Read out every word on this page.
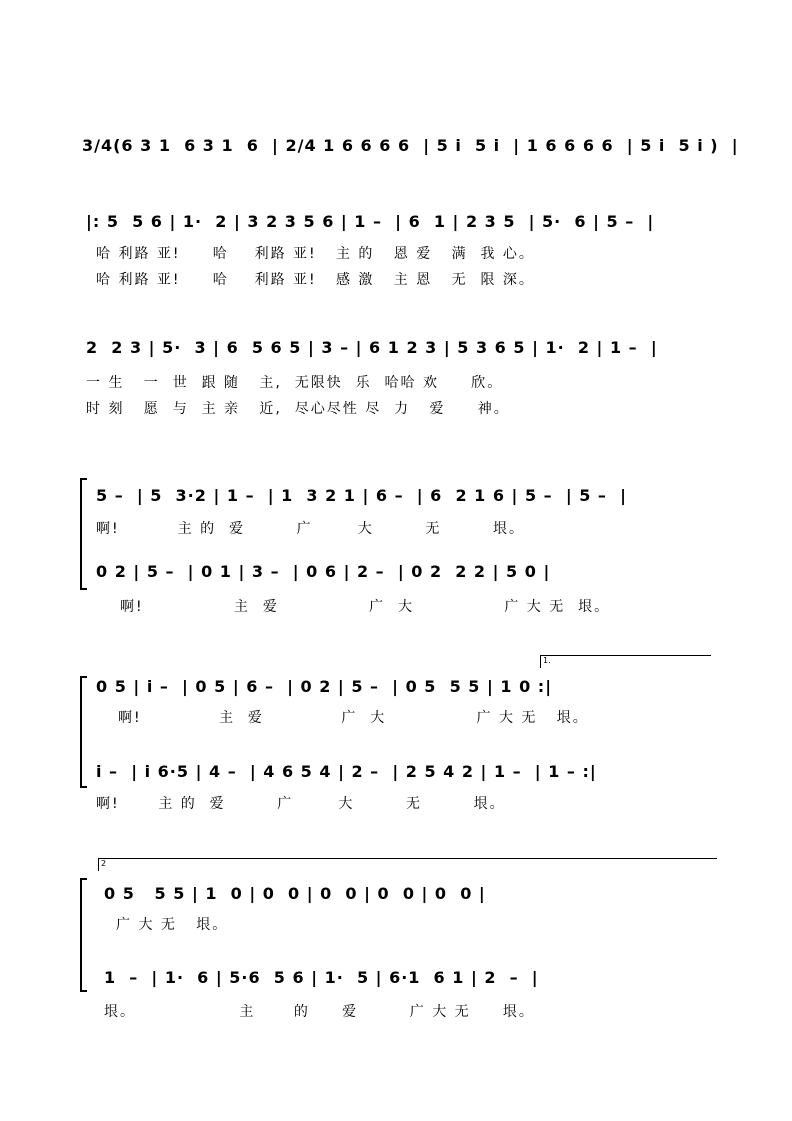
3/4(6 3 1  6 3 1  6  | 2/4 1 6 6 6 6  | 5 i  5 i  | 1 6 6 6 6  | 5 i  5 i )  |
|: 5  5 6 | 1·  2 | 3 2 3 5 6 | 1 –  | 6  1 | 2 3 5  | 5·  6 | 5 –  |
哈 利路 亚!     哈    利路 亚!   主 的   恩 爱   满  我 心。
哈 利路 亚!     哈    利路 亚!   感 激   主 恩   无  限 深。
2  2 3 | 5·  3 | 6  5 6 5 | 3 – | 6 1 2 3 | 5 3 6 5 | 1·  2 | 1 –  |
一 生   一  世  跟 随   主,  无限快  乐  哈哈 欢     欣。
时 刻   愿  与  主 亲   近,  尽心尽性 尽  力   爱     神。
5 –  | 5  3·2 | 1 –  | 1  3 2 1 | 6 –  | 6  2 1 6 | 5 –  | 5 –  |
啊!         主 的  爱        广       大        无        垠。
0 2 | 5 –  | 0 1 | 3 –  | 0 6 | 2 –  | 0 2  2 2 | 5 0 |
啊!              主  爱              广  大              广 大 无  垠。
1.
0 5 | i –  | 0 5 | 6 –  | 0 2 | 5 –  | 0 5  5 5 | 1 0 :|
啊!            主  爱            广  大              广 大 无   垠。
i –  | i 6·5 | 4 –  | 4 6 5 4 | 2 –  | 2 5 4 2 | 1 –  | 1 – :|
啊!      主 的  爱        广       大        无        垠。
2
0 5   5 5 | 1  0 | 0  0 | 0  0 | 0  0 | 0  0 |
广 大 无   垠。
1  –  | 1·  6 | 5·6  5 6 | 1·  5 | 6·1  6 1 | 2  –  |
垠。                主      的     爱        广 大 无     垠。
